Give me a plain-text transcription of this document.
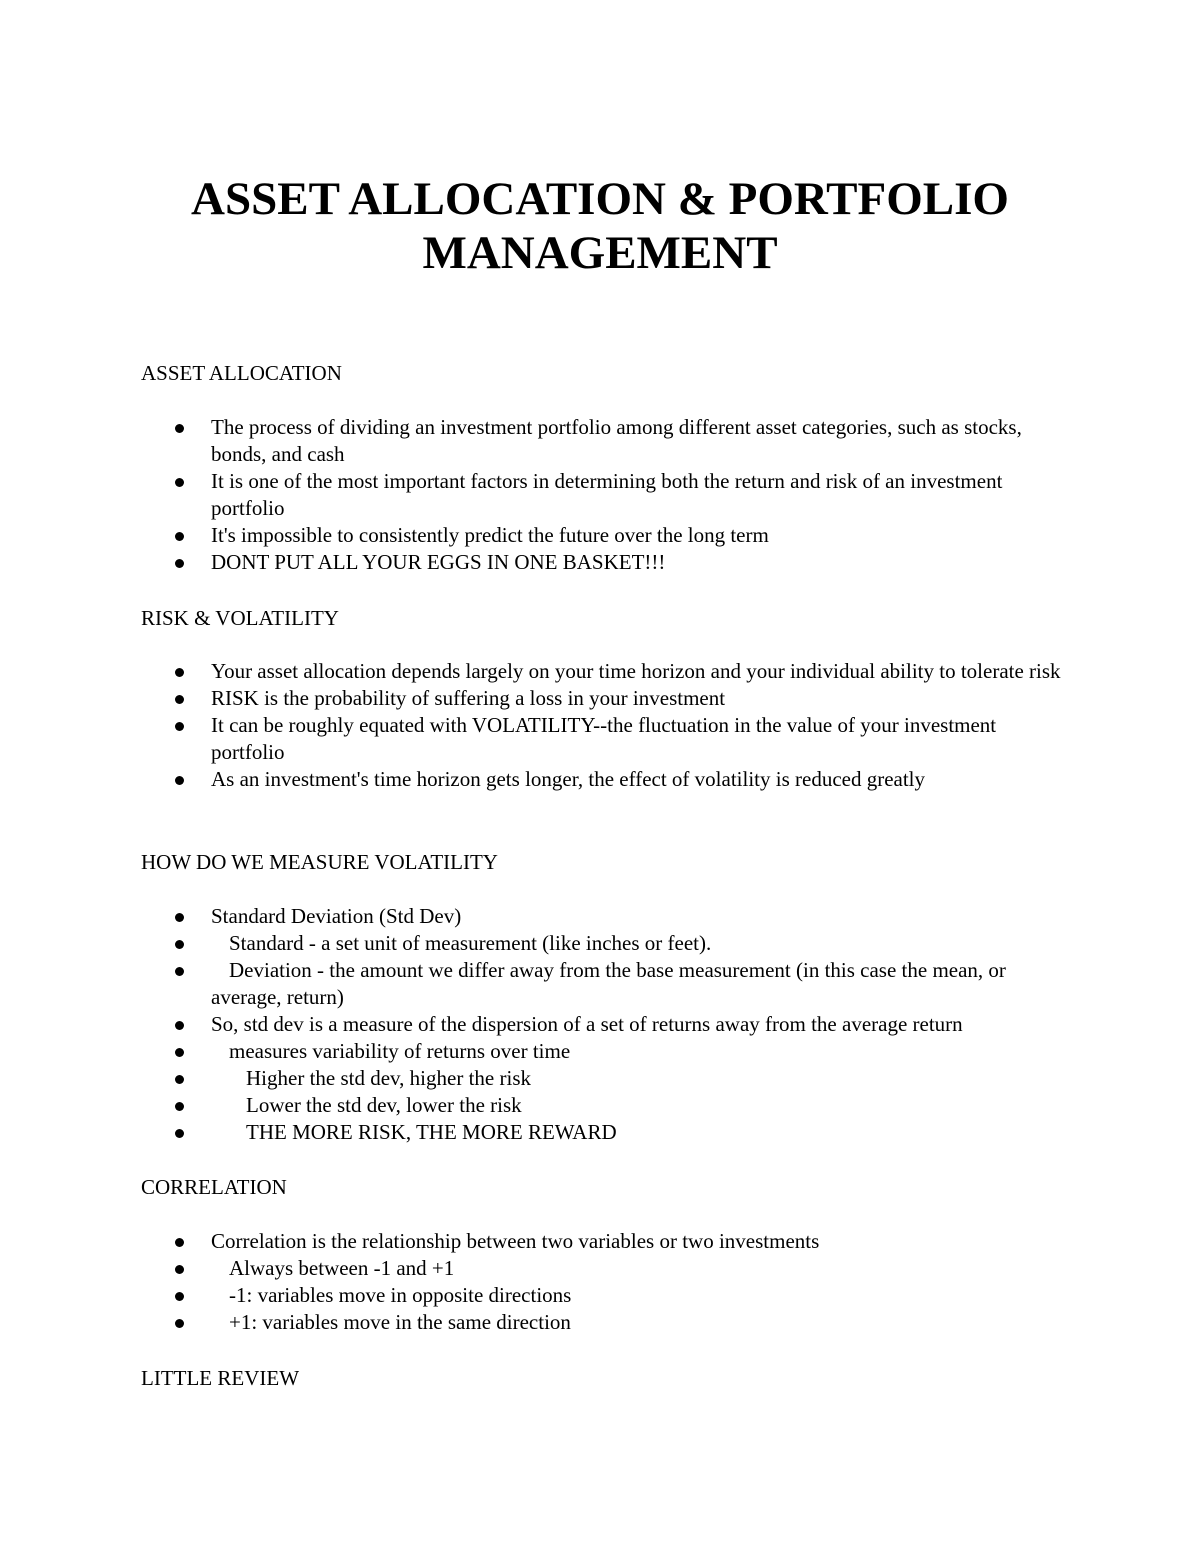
ASSET ALLOCATION & PORTFOLIO
MANAGEMENT
ASSET ALLOCATION
The process of dividing an investment portfolio among different asset categories, such as stocks, bonds, and cash
It is one of the most important factors in determining both the return and risk of an investment portfolio
It's impossible to consistently predict the future over the long term
DONT PUT ALL YOUR EGGS IN ONE BASKET!!!
RISK & VOLATILITY
Your asset allocation depends largely on your time horizon and your individual ability to tolerate risk
RISK is the probability of suffering a loss in your investment
It can be roughly equated with VOLATILITY--the fluctuation in the value of your investment portfolio
As an investment's time horizon gets longer, the effect of volatility is reduced greatly
HOW DO WE MEASURE VOLATILITY
Standard Deviation (Std Dev)
Standard - a set unit of measurement (like inches or feet).
Deviation - the amount we differ away from the base measurement (in this case the mean, or average, return)
So, std dev is a measure of the dispersion of a set of returns away from the average return
measures variability of returns over time
Higher the std dev, higher the risk
Lower the std dev, lower the risk
THE MORE RISK, THE MORE REWARD
CORRELATION
Correlation is the relationship between two variables or two investments
Always between -1 and +1
-1: variables move in opposite directions
+1: variables move in the same direction
LITTLE REVIEW
